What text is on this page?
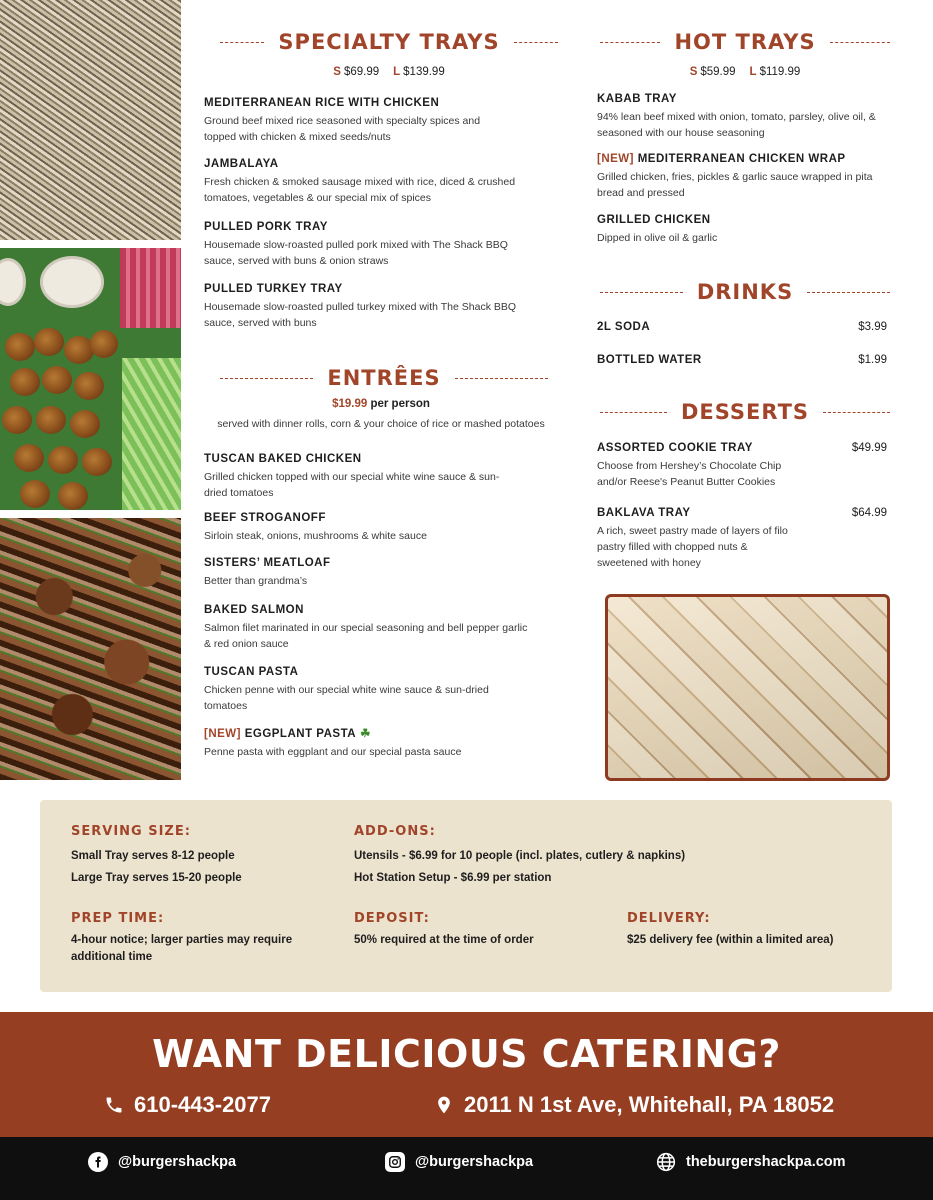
SPECIALTY TRAYS
S $69.99 L $139.99
MEDITERRANEAN RICE WITH CHICKEN
Ground beef mixed rice seasoned with specialty spices and topped with chicken & mixed seeds/nuts
JAMBALAYA
Fresh chicken & smoked sausage mixed with rice, diced & crushed tomatoes, vegetables & our special mix of spices
PULLED PORK TRAY
Housemade slow-roasted pulled pork mixed with The Shack BBQ sauce, served with buns & onion straws
PULLED TURKEY TRAY
Housemade slow-roasted pulled turkey mixed with The Shack BBQ sauce, served with buns
ENTRÊES
$19.99 per person
served with dinner rolls, corn & your choice of rice or mashed potatoes
TUSCAN BAKED CHICKEN
Grilled chicken topped with our special white wine sauce & sun-dried tomatoes
BEEF STROGANOFF
Sirloin steak, onions, mushrooms & white sauce
SISTERS’ MEATLOAF
Better than grandma’s
BAKED SALMON
Salmon filet marinated in our special seasoning and bell pepper garlic & red onion sauce
TUSCAN PASTA
Chicken penne with our special white wine sauce & sun-dried tomatoes
[NEW] EGGPLANT PASTA ☘
Penne pasta with eggplant and our special pasta sauce
HOT TRAYS
S $59.99 L $119.99
KABAB TRAY
94% lean beef mixed with onion, tomato, parsley, olive oil, & seasoned with our house seasoning
[NEW] MEDITERRANEAN CHICKEN WRAP
Grilled chicken, fries, pickles & garlic sauce wrapped in pita bread and pressed
GRILLED CHICKEN
Dipped in olive oil & garlic
DRINKS
2L SODA	$3.99
BOTTLED WATER	$1.99
DESSERTS
ASSORTED COOKIE TRAY	$49.99
Choose from Hershey’s Chocolate Chip and/or Reese's Peanut Butter Cookies
BAKLAVA TRAY	$64.99
A rich, sweet pastry made of layers of filo pastry filled with chopped nuts & sweetened with honey
SERVING SIZE:

Small Tray serves 8-12 people

Large Tray serves 15-20 people

ADD-ONS:

Utensils - $6.99 for 10 people (incl. plates, cutlery & napkins)

Hot Station Setup - $6.99 per station

PREP TIME:

4-hour notice; larger parties may require additional time

DEPOSIT:

50% required at the time of order

DELIVERY:

$25 delivery fee (within a limited area)

WANT DELICIOUS CATERING?
610-443-2077	2011 N 1st Ave, Whitehall, PA 18052
@burgershackpa	@burgershackpa	theburgershackpa.com
